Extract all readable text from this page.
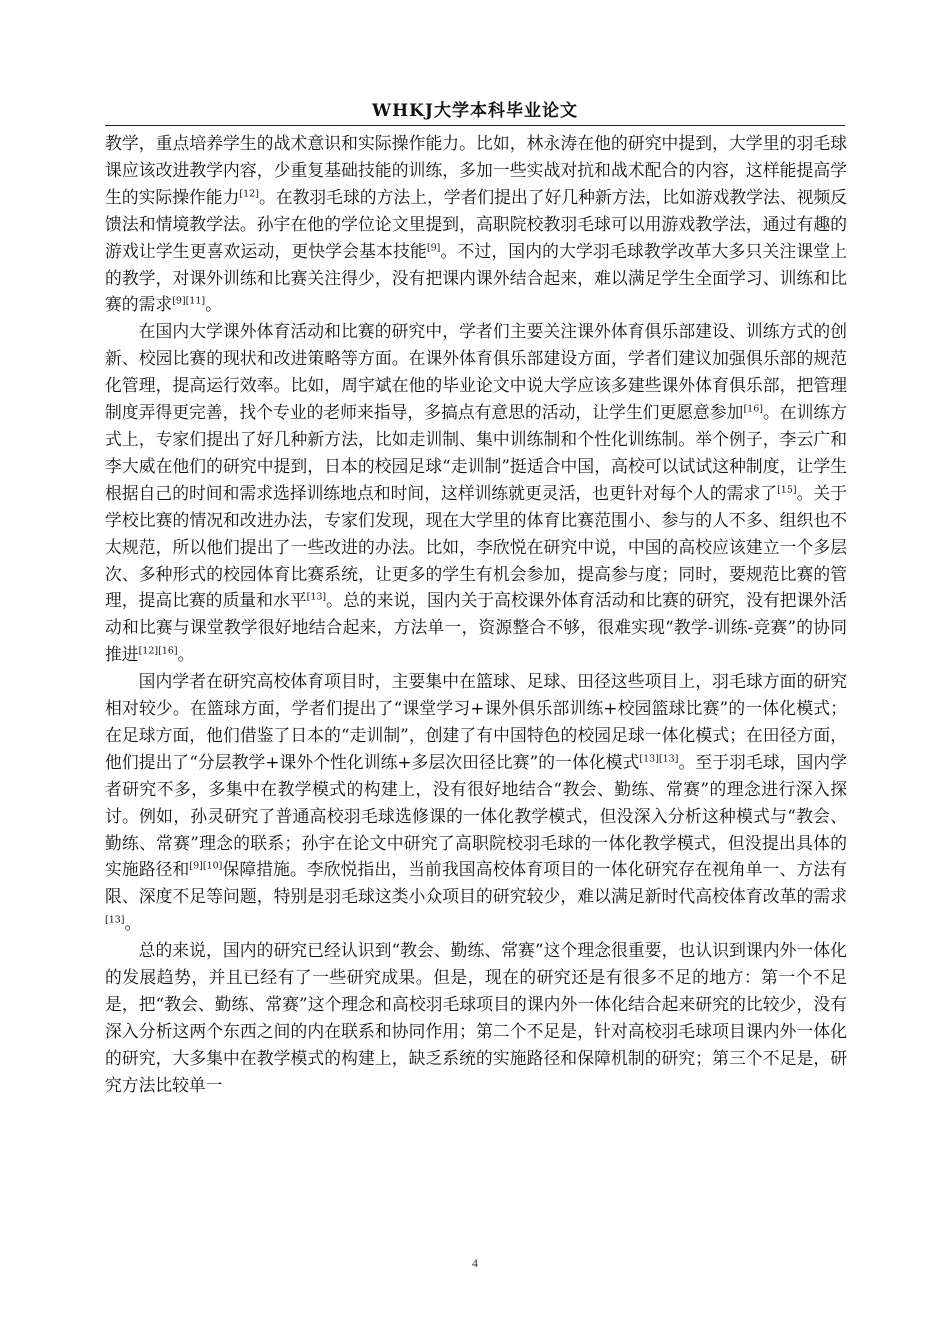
WHKJ大学本科毕业论文

教学，重点培养学生的战术意识和实际操作能力。比如，林永涛在他的研究中提到，大学里的羽毛球课应该改进教学内容，少重复基础技能的训练，多加一些实战对抗和战术配合的内容，这样能提高学生的实际操作能力[12]。在教羽毛球的方法上，学者们提出了好几种新方法，比如游戏教学法、视频反馈法和情境教学法。孙宇在他的学位论文里提到，高职院校教羽毛球可以用游戏教学法，通过有趣的游戏让学生更喜欢运动，更快学会基本技能[9]。不过，国内的大学羽毛球教学改革大多只关注课堂上的教学，对课外训练和比赛关注得少，没有把课内课外结合起来，难以满足学生全面学习、训练和比赛的需求[9][11]。

在国内大学课外体育活动和比赛的研究中，学者们主要关注课外体育俱乐部建设、训练方式的创新、校园比赛的现状和改进策略等方面。在课外体育俱乐部建设方面，学者们建议加强俱乐部的规范化管理，提高运行效率。比如，周宇斌在他的毕业论文中说大学应该多建些课外体育俱乐部，把管理制度弄得更完善，找个专业的老师来指导，多搞点有意思的活动，让学生们更愿意参加[16]。在训练方式上，专家们提出了好几种新方法，比如走训制、集中训练制和个性化训练制。举个例子，李云广和李大威在他们的研究中提到，日本的校园足球“走训制”挺适合中国，高校可以试试这种制度，让学生根据自己的时间和需求选择训练地点和时间，这样训练就更灵活，也更针对每个人的需求了[15]。关于学校比赛的情况和改进办法，专家们发现，现在大学里的体育比赛范围小、参与的人不多、组织也不太规范，所以他们提出了一些改进的办法。比如，李欣悦在研究中说，中国的高校应该建立一个多层次、多种形式的校园体育比赛系统，让更多的学生有机会参加，提高参与度；同时，要规范比赛的管理，提高比赛的质量和水平[13]。总的来说，国内关于高校课外体育活动和比赛的研究，没有把课外活动和比赛与课堂教学很好地结合起来，方法单一，资源整合不够，很难实现“教学-训练-竞赛”的协同推进[12][16]。

国内学者在研究高校体育项目时，主要集中在篮球、足球、田径这些项目上，羽毛球方面的研究相对较少。在篮球方面，学者们提出了“课堂学习+课外俱乐部训练+校园篮球比赛”的一体化模式；在足球方面，他们借鉴了日本的“走训制”，创建了有中国特色的校园足球一体化模式；在田径方面，他们提出了“分层教学+课外个性化训练+多层次田径比赛”的一体化模式[13][13]。至于羽毛球，国内学者研究不多，多集中在教学模式的构建上，没有很好地结合“教会、勤练、常赛”的理念进行深入探讨。例如，孙灵研究了普通高校羽毛球选修课的一体化教学模式，但没深入分析这种模式与“教会、勤练、常赛”理念的联系；孙宇在论文中研究了高职院校羽毛球的一体化教学模式，但没提出具体的实施路径和[9][10]保障措施。李欣悦指出，当前我国高校体育项目的一体化研究存在视角单一、方法有限、深度不足等问题，特别是羽毛球这类小众项目的研究较少，难以满足新时代高校体育改革的需求[13]。

总的来说，国内的研究已经认识到“教会、勤练、常赛”这个理念很重要，也认识到课内外一体化的发展趋势，并且已经有了一些研究成果。但是，现在的研究还是有很多不足的地方：第一个不足是，把“教会、勤练、常赛”这个理念和高校羽毛球项目的课内外一体化结合起来研究的比较少，没有深入分析这两个东西之间的内在联系和协同作用；第二个不足是，针对高校羽毛球项目课内外一体化的研究，大多集中在教学模式的构建上，缺乏系统的实施路径和保障机制的研究；第三个不足是，研究方法比较单一

4
